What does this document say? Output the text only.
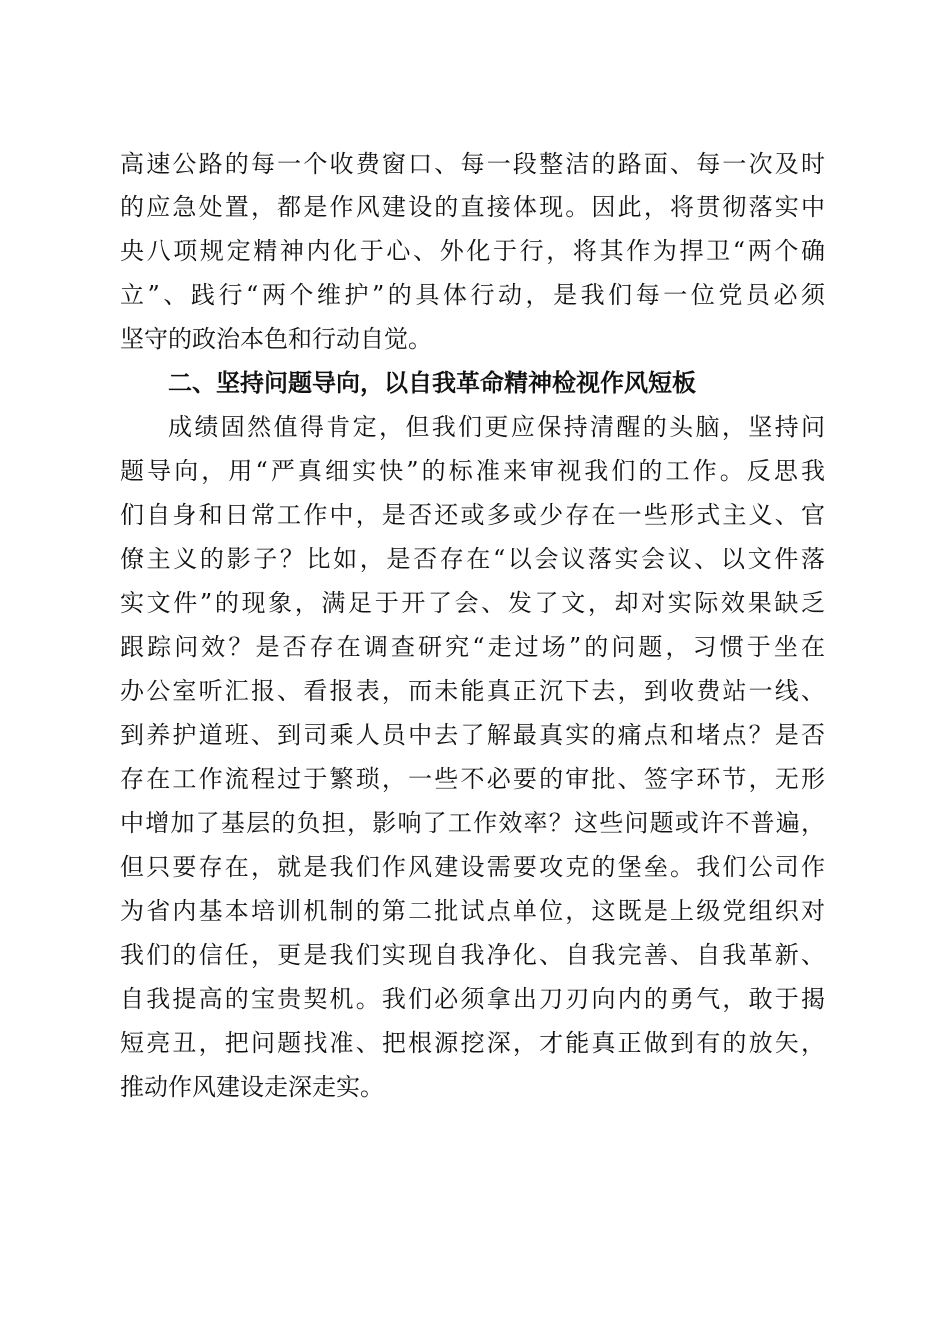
高速公路的每一个收费窗口、每一段整洁的路面、每一次及时
的应急处置，都是作风建设的直接体现。因此，将贯彻落实中
央八项规定精神内化于心、外化于行，将其作为捍卫“两个确
立”、践行“两个维护”的具体行动，是我们每一位党员必须
坚守的政治本色和行动自觉。
二、坚持问题导向，以自我革命精神检视作风短板
成绩固然值得肯定，但我们更应保持清醒的头脑，坚持问
题导向，用“严真细实快”的标准来审视我们的工作。反思我
们自身和日常工作中，是否还或多或少存在一些形式主义、官
僚主义的影子？比如，是否存在“以会议落实会议、以文件落
实文件”的现象，满足于开了会、发了文，却对实际效果缺乏
跟踪问效？是否存在调查研究“走过场”的问题，习惯于坐在
办公室听汇报、看报表，而未能真正沉下去，到收费站一线、
到养护道班、到司乘人员中去了解最真实的痛点和堵点？是否
存在工作流程过于繁琐，一些不必要的审批、签字环节，无形
中增加了基层的负担，影响了工作效率？这些问题或许不普遍，
但只要存在，就是我们作风建设需要攻克的堡垒。我们公司作
为省内基本培训机制的第二批试点单位，这既是上级党组织对
我们的信任，更是我们实现自我净化、自我完善、自我革新、
自我提高的宝贵契机。我们必须拿出刀刃向内的勇气，敢于揭
短亮丑，把问题找准、把根源挖深，才能真正做到有的放矢，
推动作风建设走深走实。
